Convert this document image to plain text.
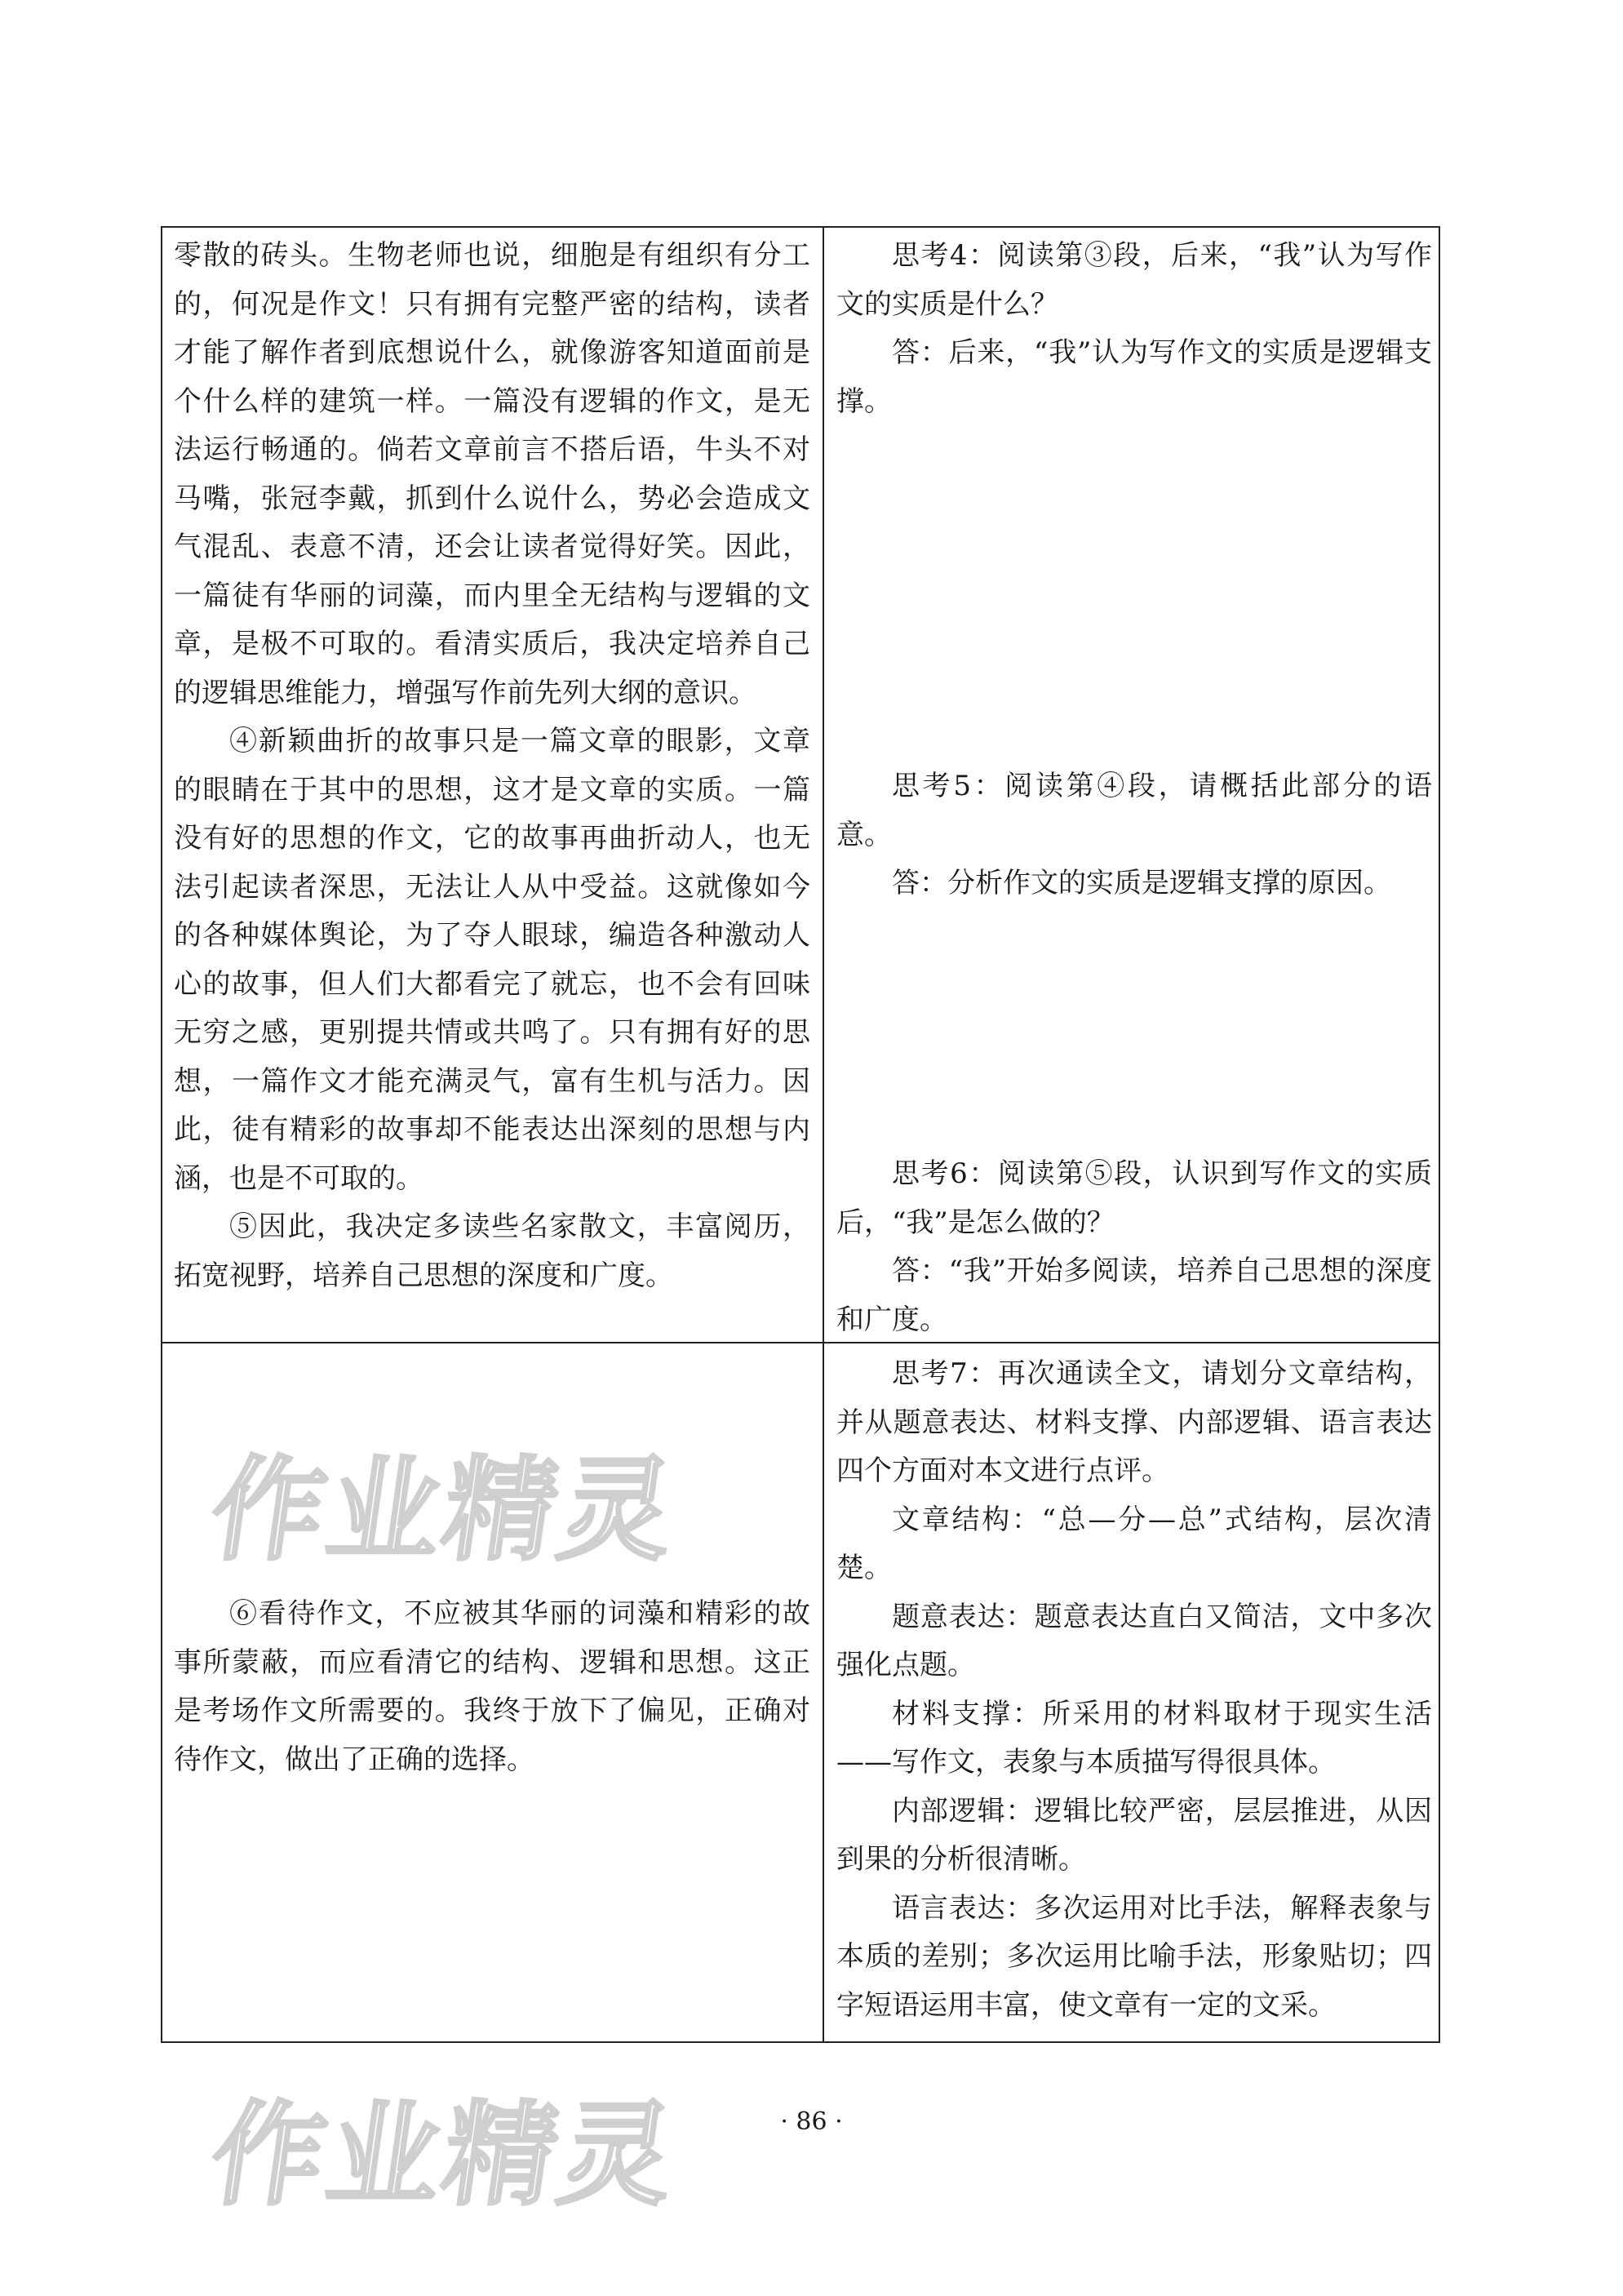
零散的砖头。生物老师也说，细胞是有组织有分工的，何况是作文！只有拥有完整严密的结构，读者才能了解作者到底想说什么，就像游客知道面前是个什么样的建筑一样。一篇没有逻辑的作文，是无法运行畅通的。倘若文章前言不搭后语，牛头不对马嘴，张冠李戴，抓到什么说什么，势必会造成文气混乱、表意不清，还会让读者觉得好笑。因此，一篇徒有华丽的词藻，而内里全无结构与逻辑的文章，是极不可取的。看清实质后，我决定培养自己的逻辑思维能力，增强写作前先列大纲的意识。

④新颖曲折的故事只是一篇文章的眼影，文章的眼睛在于其中的思想，这才是文章的实质。一篇没有好的思想的作文，它的故事再曲折动人，也无法引起读者深思，无法让人从中受益。这就像如今的各种媒体舆论，为了夺人眼球，编造各种激动人心的故事，但人们大都看完了就忘，也不会有回味无穷之感，更别提共情或共鸣了。只有拥有好的思想，一篇作文才能充满灵气，富有生机与活力。因此，徒有精彩的故事却不能表达出深刻的思想与内涵，也是不可取的。

⑤因此，我决定多读些名家散文，丰富阅历，拓宽视野，培养自己思想的深度和广度。

思考4：阅读第③段，后来，“我”认为写作文的实质是什么？

答：后来，“我”认为写作文的实质是逻辑支撑。

思考5：阅读第④段，请概括此部分的语意。

答：分析作文的实质是逻辑支撑的原因。

思考6：阅读第⑤段，认识到写作文的实质后，“我”是怎么做的？

答：“我”开始多阅读，培养自己思想的深度和广度。

⑥看待作文，不应被其华丽的词藻和精彩的故事所蒙蔽，而应看清它的结构、逻辑和思想。这正是考场作文所需要的。我终于放下了偏见，正确对待作文，做出了正确的选择。

思考7：再次通读全文，请划分文章结构，并从题意表达、材料支撑、内部逻辑、语言表达四个方面对本文进行点评。

文章结构：“总—分—总”式结构，层次清楚。

题意表达：题意表达直白又简洁，文中多次强化点题。

材料支撑：所采用的材料取材于现实生活——写作文，表象与本质描写得很具体。

内部逻辑：逻辑比较严密，层层推进，从因到果的分析很清晰。

语言表达：多次运用对比手法，解释表象与本质的差别；多次运用比喻手法，形象贴切；四字短语运用丰富，使文章有一定的文采。

作业精灵
作业精灵	· 86 ·
